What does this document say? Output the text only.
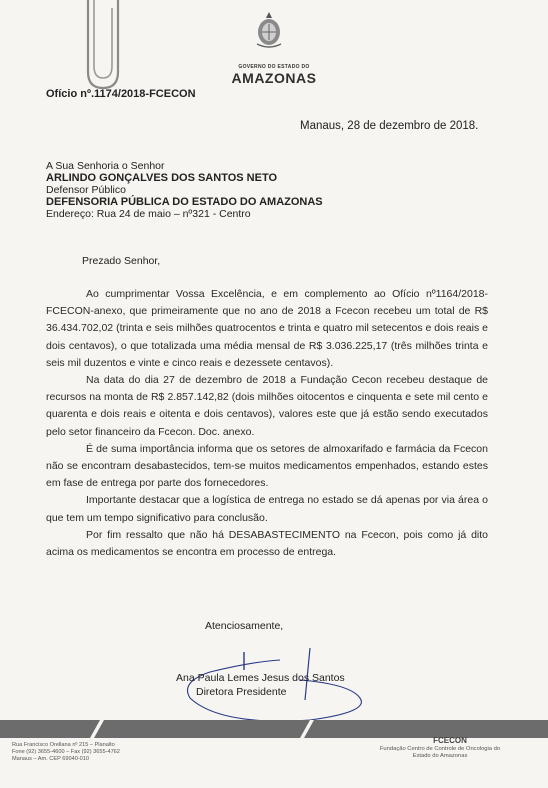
GOVERNO DO ESTADO DO
AMAZONAS
Ofício nº.1174/2018-FCECON
Manaus, 28 de dezembro de 2018.
A Sua Senhoria o Senhor
ARLINDO GONÇALVES DOS SANTOS NETO
Defensor Público
DEFENSORIA PÚBLICA DO ESTADO DO AMAZONAS
Endereço: Rua 24 de maio – nº321 - Centro
Prezado Senhor,

Ao cumprimentar Vossa Excelência, e em complemento ao Ofício nº1164/2018-FCECON-anexo, que primeiramente que no ano de 2018 a Fcecon recebeu um total de R$ 36.434.702,02 (trinta e seis milhões quatrocentos e trinta e quatro mil setecentos e dois reais e dois centavos), o que totalizada uma média mensal de R$ 3.036.225,17 (três milhões trinta e seis mil duzentos e vinte e cinco reais e dezessete centavos).

Na data do dia 27 de dezembro de 2018 a Fundação Cecon recebeu destaque de recursos na monta de R$ 2.857.142,82 (dois milhões oitocentos e cinquenta e sete mil cento e quarenta e dois reais e oitenta e dois centavos), valores este que já estão sendo executados pelo setor financeiro da Fcecon. Doc. anexo.

É de suma importância informa que os setores de almoxarifado e farmácia da Fcecon não se encontram desabastecidos, tem-se muitos medicamentos empenhados, estando estes em fase de entrega por parte dos fornecedores.

Importante destacar que a logística de entrega no estado se dá apenas por via área o que tem um tempo significativo para conclusão.

Por fim ressalto que não há DESABASTECIMENTO na Fcecon, pois como já dito acima os medicamentos se encontra em processo de entrega.

Atenciosamente,
Ana Paula Lemes Jesus dos Santos
Diretora Presidente
Rua Francisco Orellana nº 215 – Planalto
Fone (92) 3655-4600 – Fax (92) 3655-4762
Manaus – Am. CEP 69040-010
FCECON
Fundação Centro de Controle de Oncologia do
Estado do Amazonas
